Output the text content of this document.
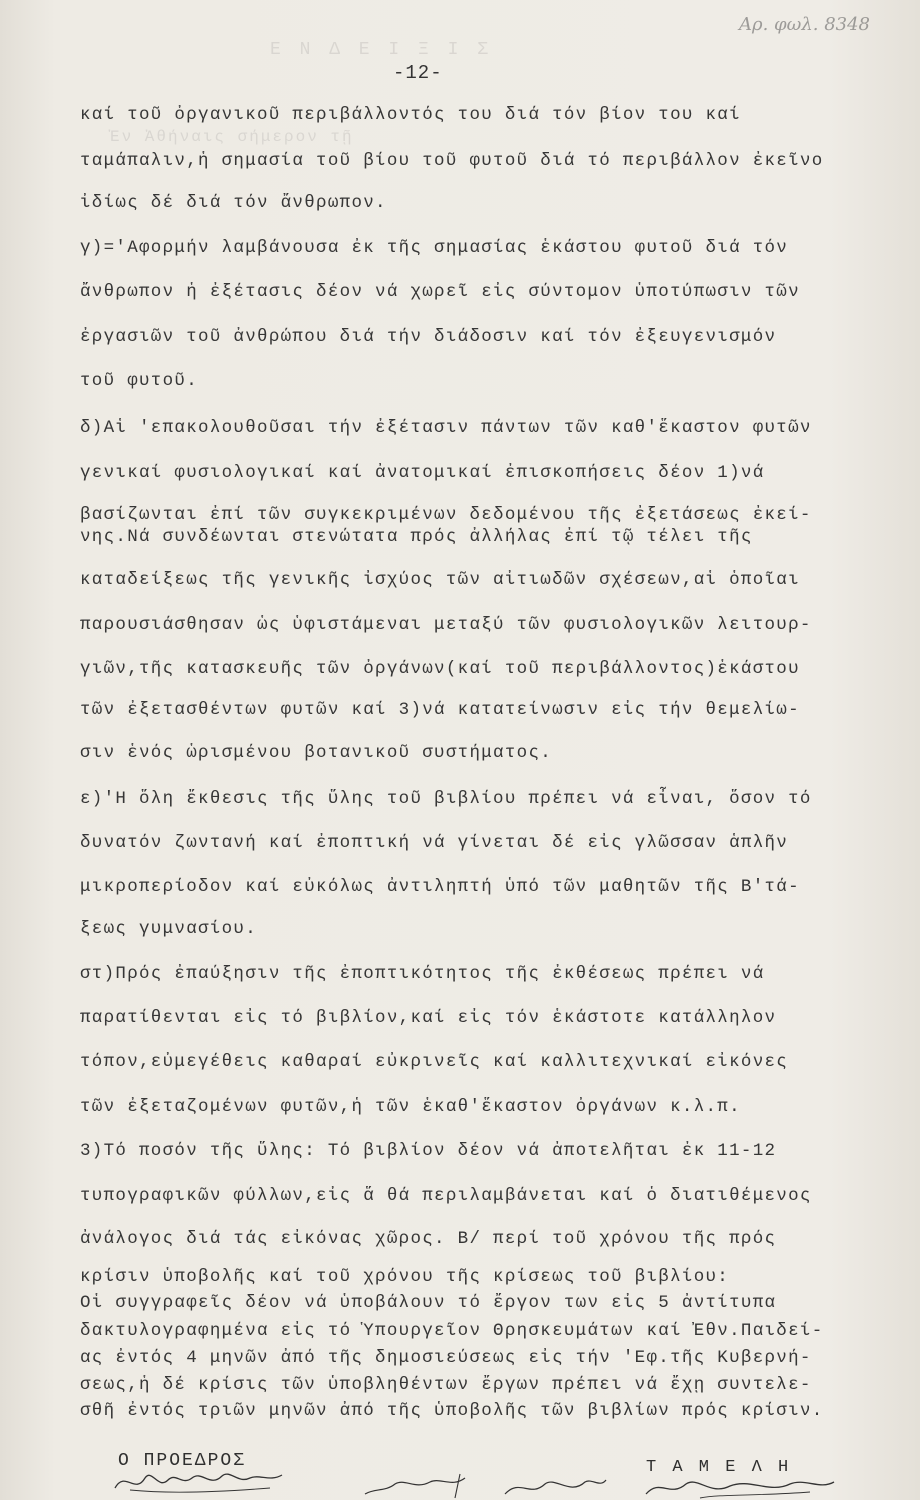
Ε Ν Δ Ε Ι Ξ Ι Σ
Ἐν Ἀθήναις σήμερον τῇ
Αρ. φωλ. 8348
-12-
καί τοῦ ὀργανικοῦ περιβάλλοντός του διά τόν βίον του καί
ταμάπαλιν,ἡ σημασία τοῦ βίου τοῦ φυτοῦ διά τό περιβάλλον ἐκεῖνο
ἰδίως δέ διά τόν ἄνθρωπον.
γ)='Αφορμήν λαμβάνουσα ἐκ τῆς σημασίας ἑκάστου φυτοῦ διά τόν
ἄνθρωπον ἡ ἐξέτασις δέον νά χωρεῖ εἰς σύντομον ὑποτύπωσιν τῶν
ἐργασιῶν τοῦ ἀνθρώπου διά τήν διάδοσιν καί τόν ἐξευγενισμόν
τοῦ φυτοῦ.
δ)Αἱ 'επακολουθοῦσαι τήν ἐξέτασιν πάντων τῶν καθ'ἕκαστον φυτῶν
γενικαί φυσιολογικαί καί ἀνατομικαί ἐπισκοπήσεις δέον 1)νά
βασίζωνται ἐπί τῶν συγκεκριμένων δεδομένου τῆς ἐξετάσεως ἐκεί-
νης.Νά συνδέωνται στενώτατα πρός ἀλλήλας ἐπί τῷ τέλει τῆς
καταδείξεως τῆς γενικῆς ἰσχύος τῶν αἰτιωδῶν σχέσεων,αἱ ὁποῖαι
παρουσιάσθησαν ὡς ὑφιστάμεναι μεταξύ τῶν φυσιολογικῶν λειτουρ-
γιῶν,τῆς κατασκευῆς τῶν ὀργάνων(καί τοῦ περιβάλλοντος)ἑκάστου
τῶν ἐξετασθέντων φυτῶν καί 3)νά κατατείνωσιν εἰς τήν θεμελίω-
σιν ἑνός ὡρισμένου βοτανικοῦ συστήματος.
ε)'Η ὅλη ἔκθεσις τῆς ὕλης τοῦ βιβλίου πρέπει νά εἶναι, ὅσον τό
δυνατόν ζωντανή καί ἐποπτική νά γίνεται δέ εἰς γλῶσσαν ἁπλῆν
μικροπερίοδον καί εὐκόλως ἀντιληπτή ὑπό τῶν μαθητῶν τῆς Β'τά-
ξεως γυμνασίου.
στ)Πρός ἐπαύξησιν τῆς ἐποπτικότητος τῆς ἐκθέσεως πρέπει νά
παρατίθενται εἰς τό βιβλίον,καί εἰς τόν ἑκάστοτε κατάλληλον
τόπον,εὐμεγέθεις καθαραί εὐκρινεῖς καί καλλιτεχνικαί εἰκόνες
τῶν ἐξεταζομένων φυτῶν,ἡ τῶν ἑκαθ'ἕκαστον ὀργάνων κ.λ.π.
3)Τό ποσόν τῆς ὕλης: Τό βιβλίον δέον νά ἀποτελῆται ἐκ 11-12
τυπογραφικῶν φύλλων,εἰς ἅ θά περιλαμβάνεται καί ὁ διατιθέμενος
ἀνάλογος διά τάς εἰκόνας χῶρος. Β/ περί τοῦ χρόνου τῆς πρός
κρίσιν ὑποβολῆς καί τοῦ χρόνου τῆς κρίσεως τοῦ βιβλίου:
Οἱ συγγραφεῖς δέον νά ὑποβάλουν τό ἔργον των εἰς 5 ἀντίτυπα
δακτυλογραφημένα εἰς τό Ὑπουργεῖον Θρησκευμάτων καί Ἐθν.Παιδεί-
ας ἐντός 4 μηνῶν ἀπό τῆς δημοσιεύσεως εἰς τήν 'Εφ.τῆς Κυβερνή-
σεως,ἡ δέ κρίσις τῶν ὑποβληθέντων ἔργων πρέπει νά ἔχῃ συντελε-
σθῆ ἐντός τριῶν μηνῶν ἀπό τῆς ὑποβολῆς τῶν βιβλίων πρός κρίσιν.
Ο ΠΡΟΕΔΡΟΣ	Τ Α Μ Ε Λ Η
